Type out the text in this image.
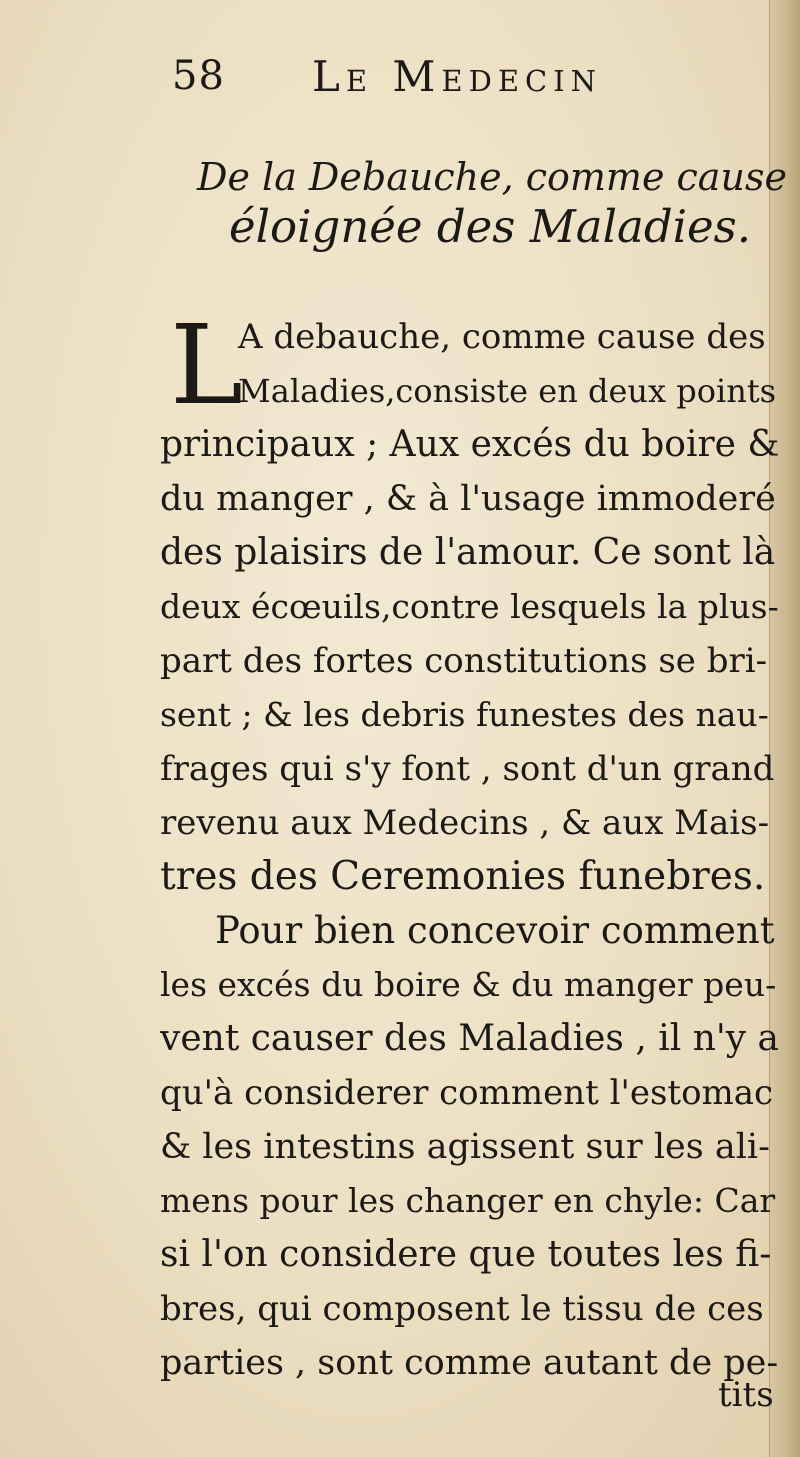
58 Le Medecin
De la Debauche, comme cause
éloignée des Maladies.
L
A debauche, comme cause des
Maladies,consiste en deux points
principaux ; Aux excés du boire &
du manger , & à l'usage immoderé
des plaisirs de l'amour. Ce sont là
deux écœuils,contre lesquels la plus-
part des fortes constitutions se bri-
sent ; & les debris funestes des nau-
frages qui s'y font , sont d'un grand
revenu aux Medecins , & aux Mais-
tres des Ceremonies funebres.
Pour bien concevoir comment
les excés du boire & du manger peu-
vent causer des Maladies , il n'y a
qu'à considerer comment l'estomac
& les intestins agissent sur les ali-
mens pour les changer en chyle: Car
si l'on considere que toutes les fi-
bres, qui composent le tissu de ces
parties , sont comme autant de pe-
tits
